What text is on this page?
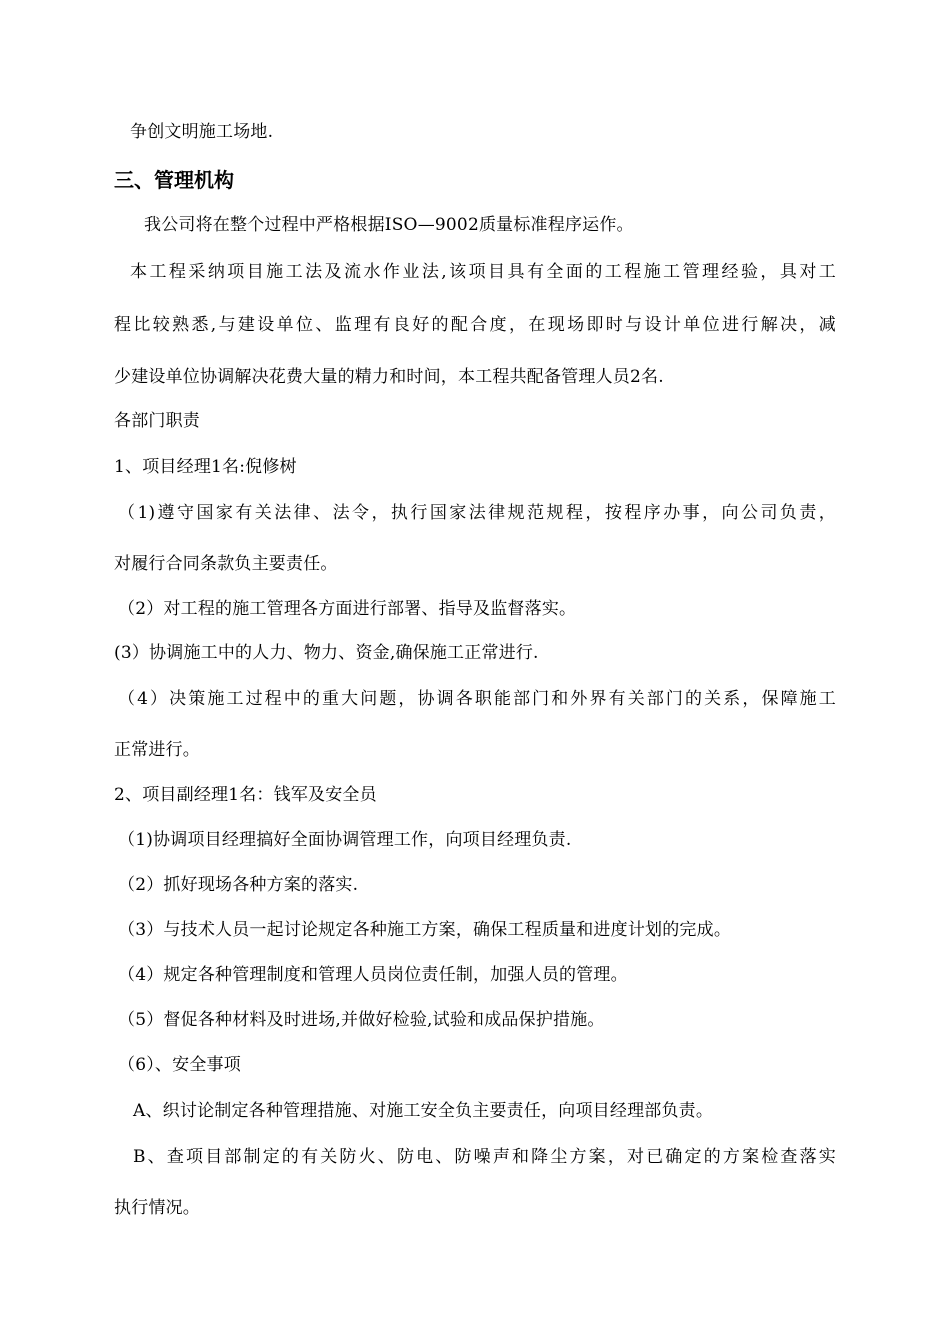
争创文明施工场地.
三、管理机构
我公司将在整个过程中严格根据ISO—9002质量标准程序运作。
本工程采纳项目施工法及流水作业法,该项目具有全面的工程施工管理经验，具对工
程比较熟悉,与建设单位、监理有良好的配合度，在现场即时与设计单位进行解决，减
少建设单位协调解决花费大量的精力和时间，本工程共配备管理人员2名.
各部门职责
1、项目经理1名:倪修树
（1)遵守国家有关法律、法令，执行国家法律规范规程，按程序办事，向公司负责，
对履行合同条款负主要责任。
（2）对工程的施工管理各方面进行部署、指导及监督落实。
(3）协调施工中的人力、物力、资金,确保施工正常进行.
（4）决策施工过程中的重大问题，协调各职能部门和外界有关部门的关系，保障施工
正常进行。
2、项目副经理1名：钱军及安全员
（1)协调项目经理搞好全面协调管理工作，向项目经理负责.
（2）抓好现场各种方案的落实.
（3）与技术人员一起讨论规定各种施工方案，确保工程质量和进度计划的完成。
（4）规定各种管理制度和管理人员岗位责任制，加强人员的管理。
（5）督促各种材料及时进场,并做好检验,试验和成品保护措施。
（6）、安全事项
A、织讨论制定各种管理措施、对施工安全负主要责任，向项目经理部负责。
B、查项目部制定的有关防火、防电、防噪声和降尘方案，对已确定的方案检查落实
执行情况。
